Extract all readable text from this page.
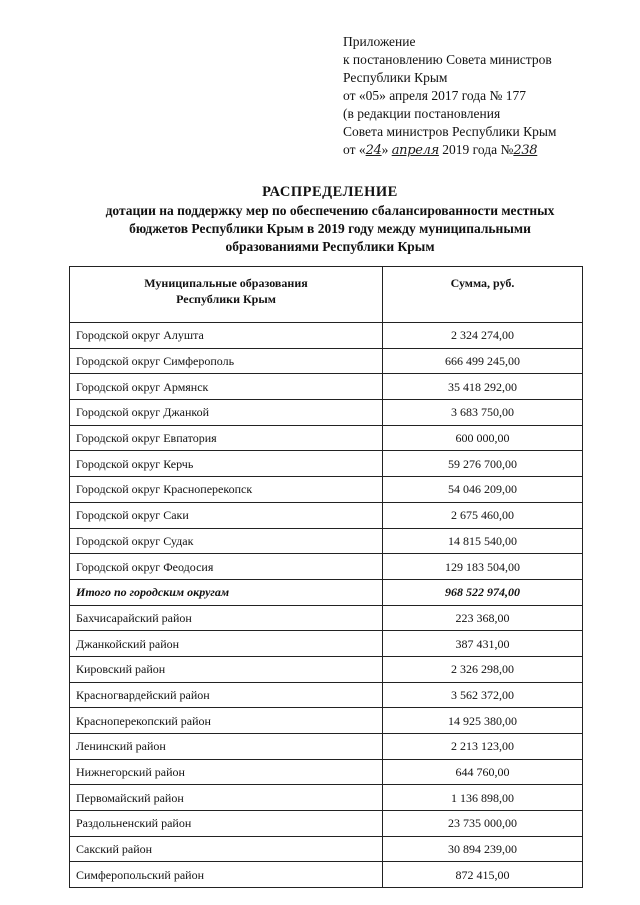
Приложение
к постановлению Совета министров
Республики Крым
от «05» апреля 2017 года № 177
(в редакции постановления
Совета министров Республики Крым
от «24» апреля 2019 года №238
РАСПРЕДЕЛЕНИЕ
дотации на поддержку мер по обеспечению сбалансированности местных
бюджетов Республики Крым в 2019 году между муниципальными
образованиями Республики Крым
Муниципальные образования
Республики Крым	Сумма, руб.
Городской округ Алушта	2 324 274,00
Городской округ Симферополь	666 499 245,00
Городской округ Армянск	35 418 292,00
Городской округ Джанкой	3 683 750,00
Городской округ Евпатория	600 000,00
Городской округ Керчь	59 276 700,00
Городской округ Красноперекопск	54 046 209,00
Городской округ Саки	2 675 460,00
Городской округ Судак	14 815 540,00
Городской округ Феодосия	129 183 504,00
Итого по городским округам	968 522 974,00
Бахчисарайский район	223 368,00
Джанкойский район	387 431,00
Кировский район	2 326 298,00
Красногвардейский район	3 562 372,00
Красноперекопский район	14 925 380,00
Ленинский район	2 213 123,00
Нижнегорский район	644 760,00
Первомайский район	1 136 898,00
Раздольненский район	23 735 000,00
Сакский район	30 894 239,00
Симферопольский район	872 415,00
